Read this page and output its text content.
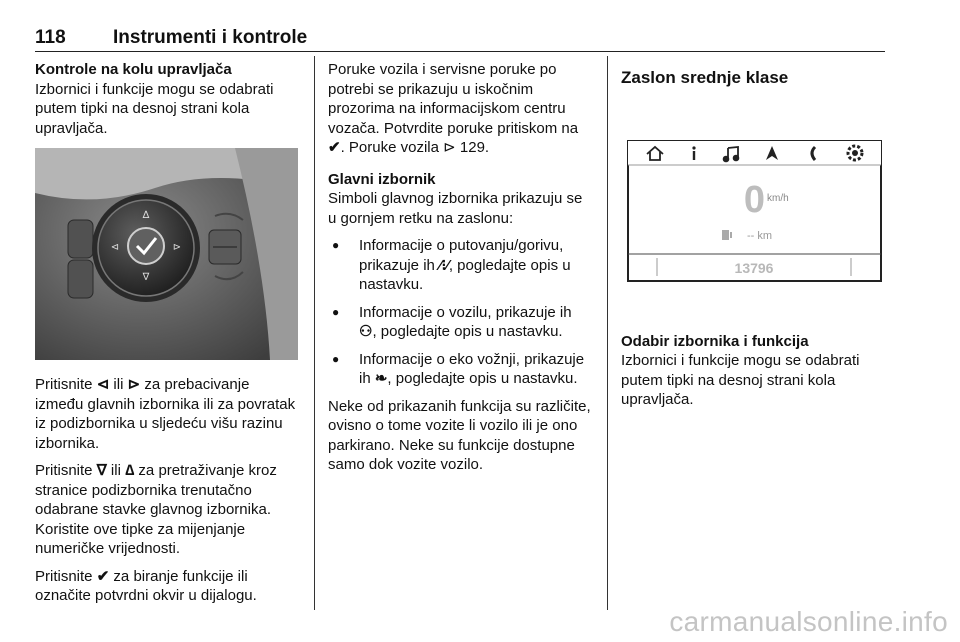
118 Instrumenti i kontrole
Kontrole na kolu upravljača

Izbornici i funkcije mogu se odabrati putem tipki na desnoj strani kola upravljača.

∆
∇
⊲	⊳

Pritisnite ⊲ ili ⊳ za prebacivanje između glavnih izbornika ili za povratak iz podizbornika u sljedeću višu razinu izbornika.

Pritisnite ∇ ili ∆ za pretraživanje kroz stranice podizbornika trenutačno odabrane stavke glavnog izbornika. Koristite ove tipke za mijenjanje numeričke vrijednosti.

Pritisnite ✔ za biranje funkcije ili označite potvrdni okvir u dijalogu.

Poruke vozila i servisne poruke po potrebi se prikazuju u iskočnim prozorima na informacijskom centru vozača. Potvrdite poruke pritiskom na
✔. Poruke vozila ⊳ 129.

Glavni izbornik

Simboli glavnog izbornika prikazuju se u gornjem retku na zaslonu:

● Informacije o putovanju/gorivu, prikazuje ih ⁄⁝⁄, pogledajte opis u nastavku.
● Informacije o vozilu, prikazuje ih ⚇, pogledajte opis u nastavku.
● Informacije o eko vožnji, prikazuje ih ❧, pogledajte opis u nastavku.

Neke od prikazanih funkcija su različite, ovisno o tome vozite li vozilo ili je ono parkirano. Neke su funkcije dostupne samo dok vozite vozilo.

Zaslon srednje klase
0 km/h
-- km
13796
Odabir izbornika i funkcija

Izbornici i funkcije mogu se odabrati putem tipki na desnoj strani kola upravljača.

carmanualsonline.info
